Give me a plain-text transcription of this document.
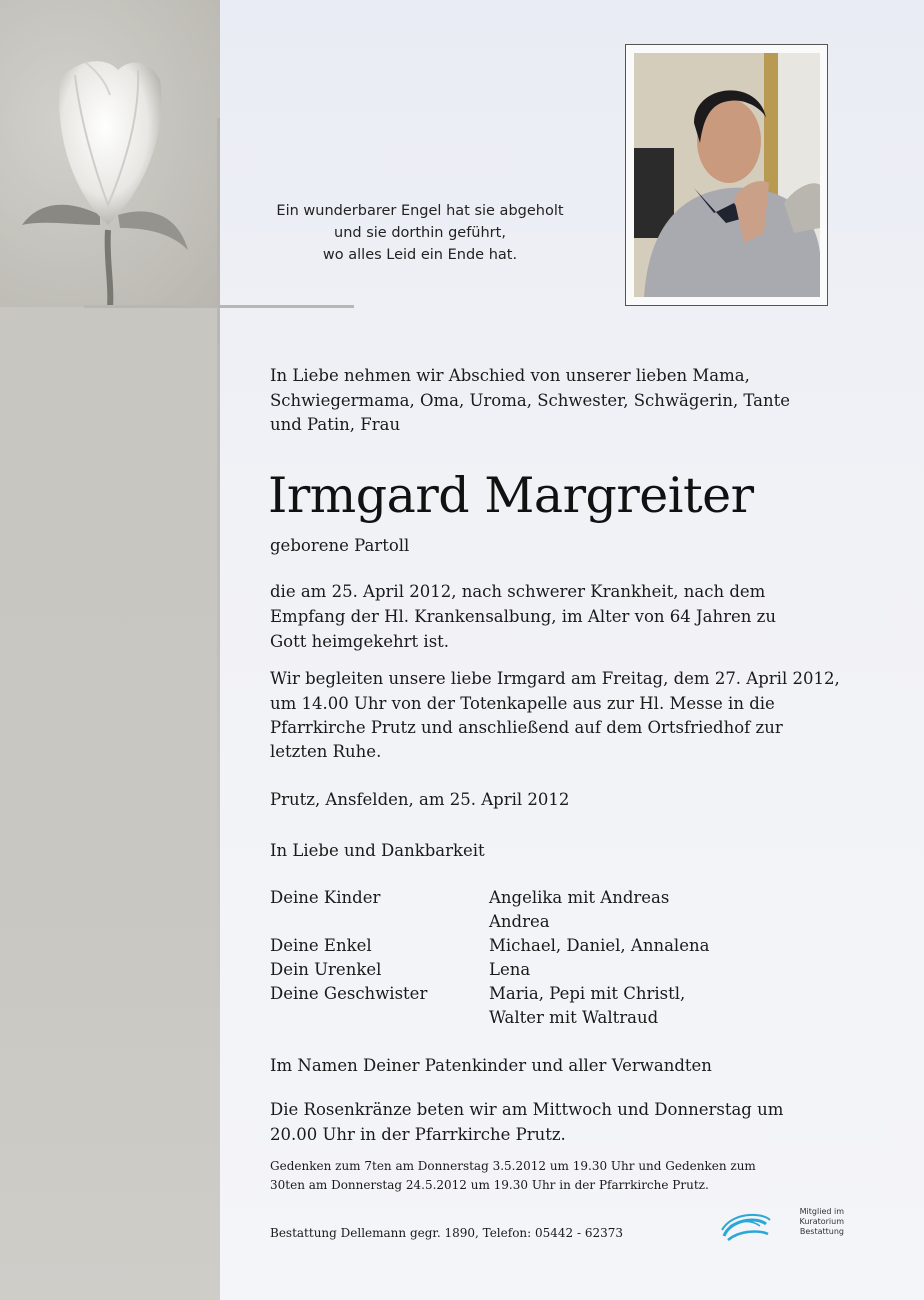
Ein wunderbarer Engel hat sie abgeholt
und sie dorthin geführt,
wo alles Leid ein Ende hat.
In Liebe nehmen wir Abschied von unserer lieben Mama,
Schwiegermama, Oma, Uroma, Schwester, Schwägerin, Tante
und Patin, Frau
Irmgard Margreiter
geborene Partoll
die am 25. April 2012, nach schwerer Krankheit, nach dem
Empfang der Hl. Krankensalbung, im Alter von 64 Jahren zu
Gott heimgekehrt ist.
Wir begleiten unsere liebe Irmgard am Freitag, dem 27. April 2012,
um 14.00 Uhr von der Totenkapelle aus zur Hl. Messe in die
Pfarrkirche Prutz und anschließend auf dem Ortsfriedhof zur
letzten Ruhe.
Prutz, Ansfelden, am 25. April 2012
In Liebe und Dankbarkeit
Deine Kinder	Angelika mit Andreas
Andrea
Deine Enkel	Michael, Daniel, Annalena
Dein Urenkel	Lena
Deine Geschwister	Maria, Pepi mit Christl,
Walter mit Waltraud
Im Namen Deiner Patenkinder und aller Verwandten
Die Rosenkränze beten wir am Mittwoch und Donnerstag um
20.00 Uhr in der Pfarrkirche Prutz.
Gedenken zum 7ten am Donnerstag 3.5.2012 um 19.30 Uhr und Gedenken zum
30ten am Donnerstag 24.5.2012 um 19.30 Uhr in der Pfarrkirche Prutz.
Bestattung Dellemann gegr. 1890, Telefon: 05442 - 62373
Mitglied im
Kuratorium Bestattung
